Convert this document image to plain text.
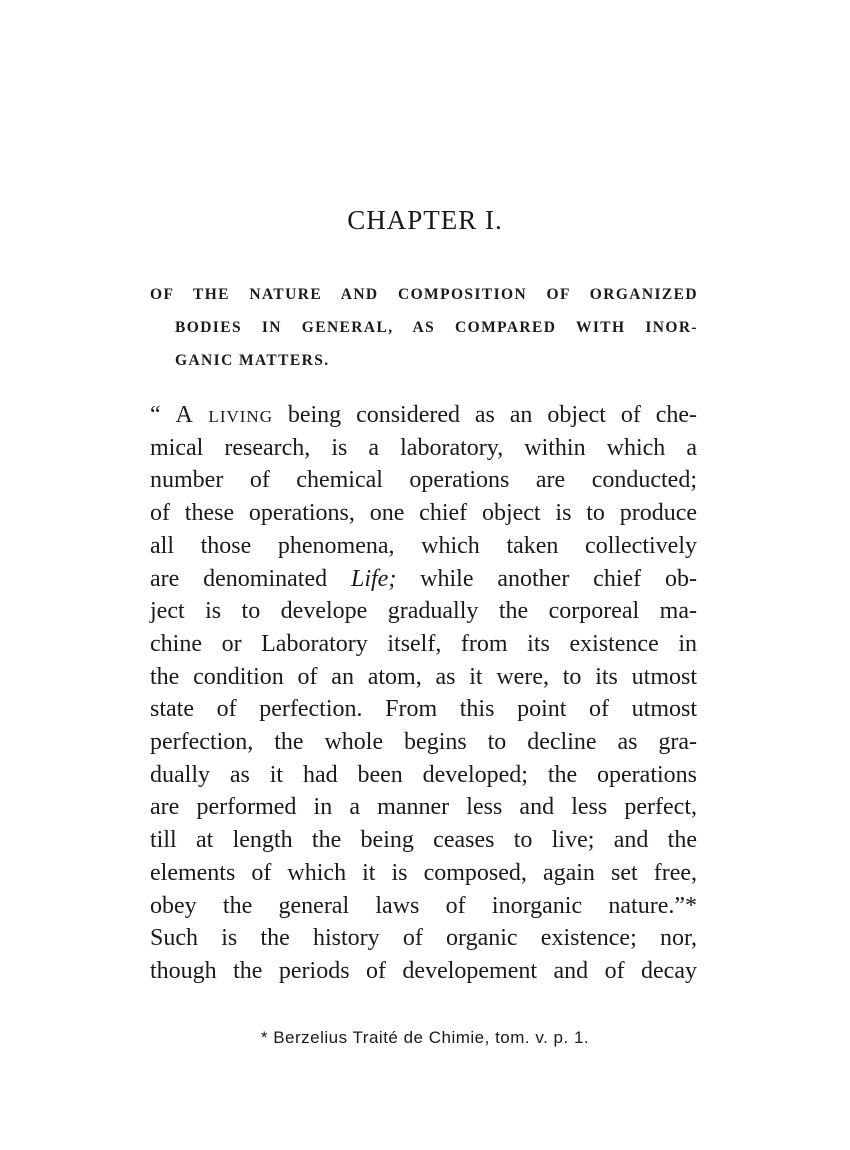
CHAPTER I.
OF THE NATURE AND COMPOSITION OF ORGANIZED
BODIES IN GENERAL, AS COMPARED WITH INOR-
GANIC MATTERS.
“ A living being considered as an object of che-
mical research, is a laboratory, within which a
number of chemical operations are conducted;
of these operations, one chief object is to produce
all those phenomena, which taken collectively
are denominated Life; while another chief ob-
ject is to develope gradually the corporeal ma-
chine or Laboratory itself, from its existence in
the condition of an atom, as it were, to its utmost
state of perfection. From this point of utmost
perfection, the whole begins to decline as gra-
dually as it had been developed; the operations
are performed in a manner less and less perfect,
till at length the being ceases to live; and the
elements of which it is composed, again set free,
obey the general laws of inorganic nature.”*
Such is the history of organic existence; nor,
though the periods of developement and of decay

* Berzelius Traité de Chimie, tom. v. p. 1.
